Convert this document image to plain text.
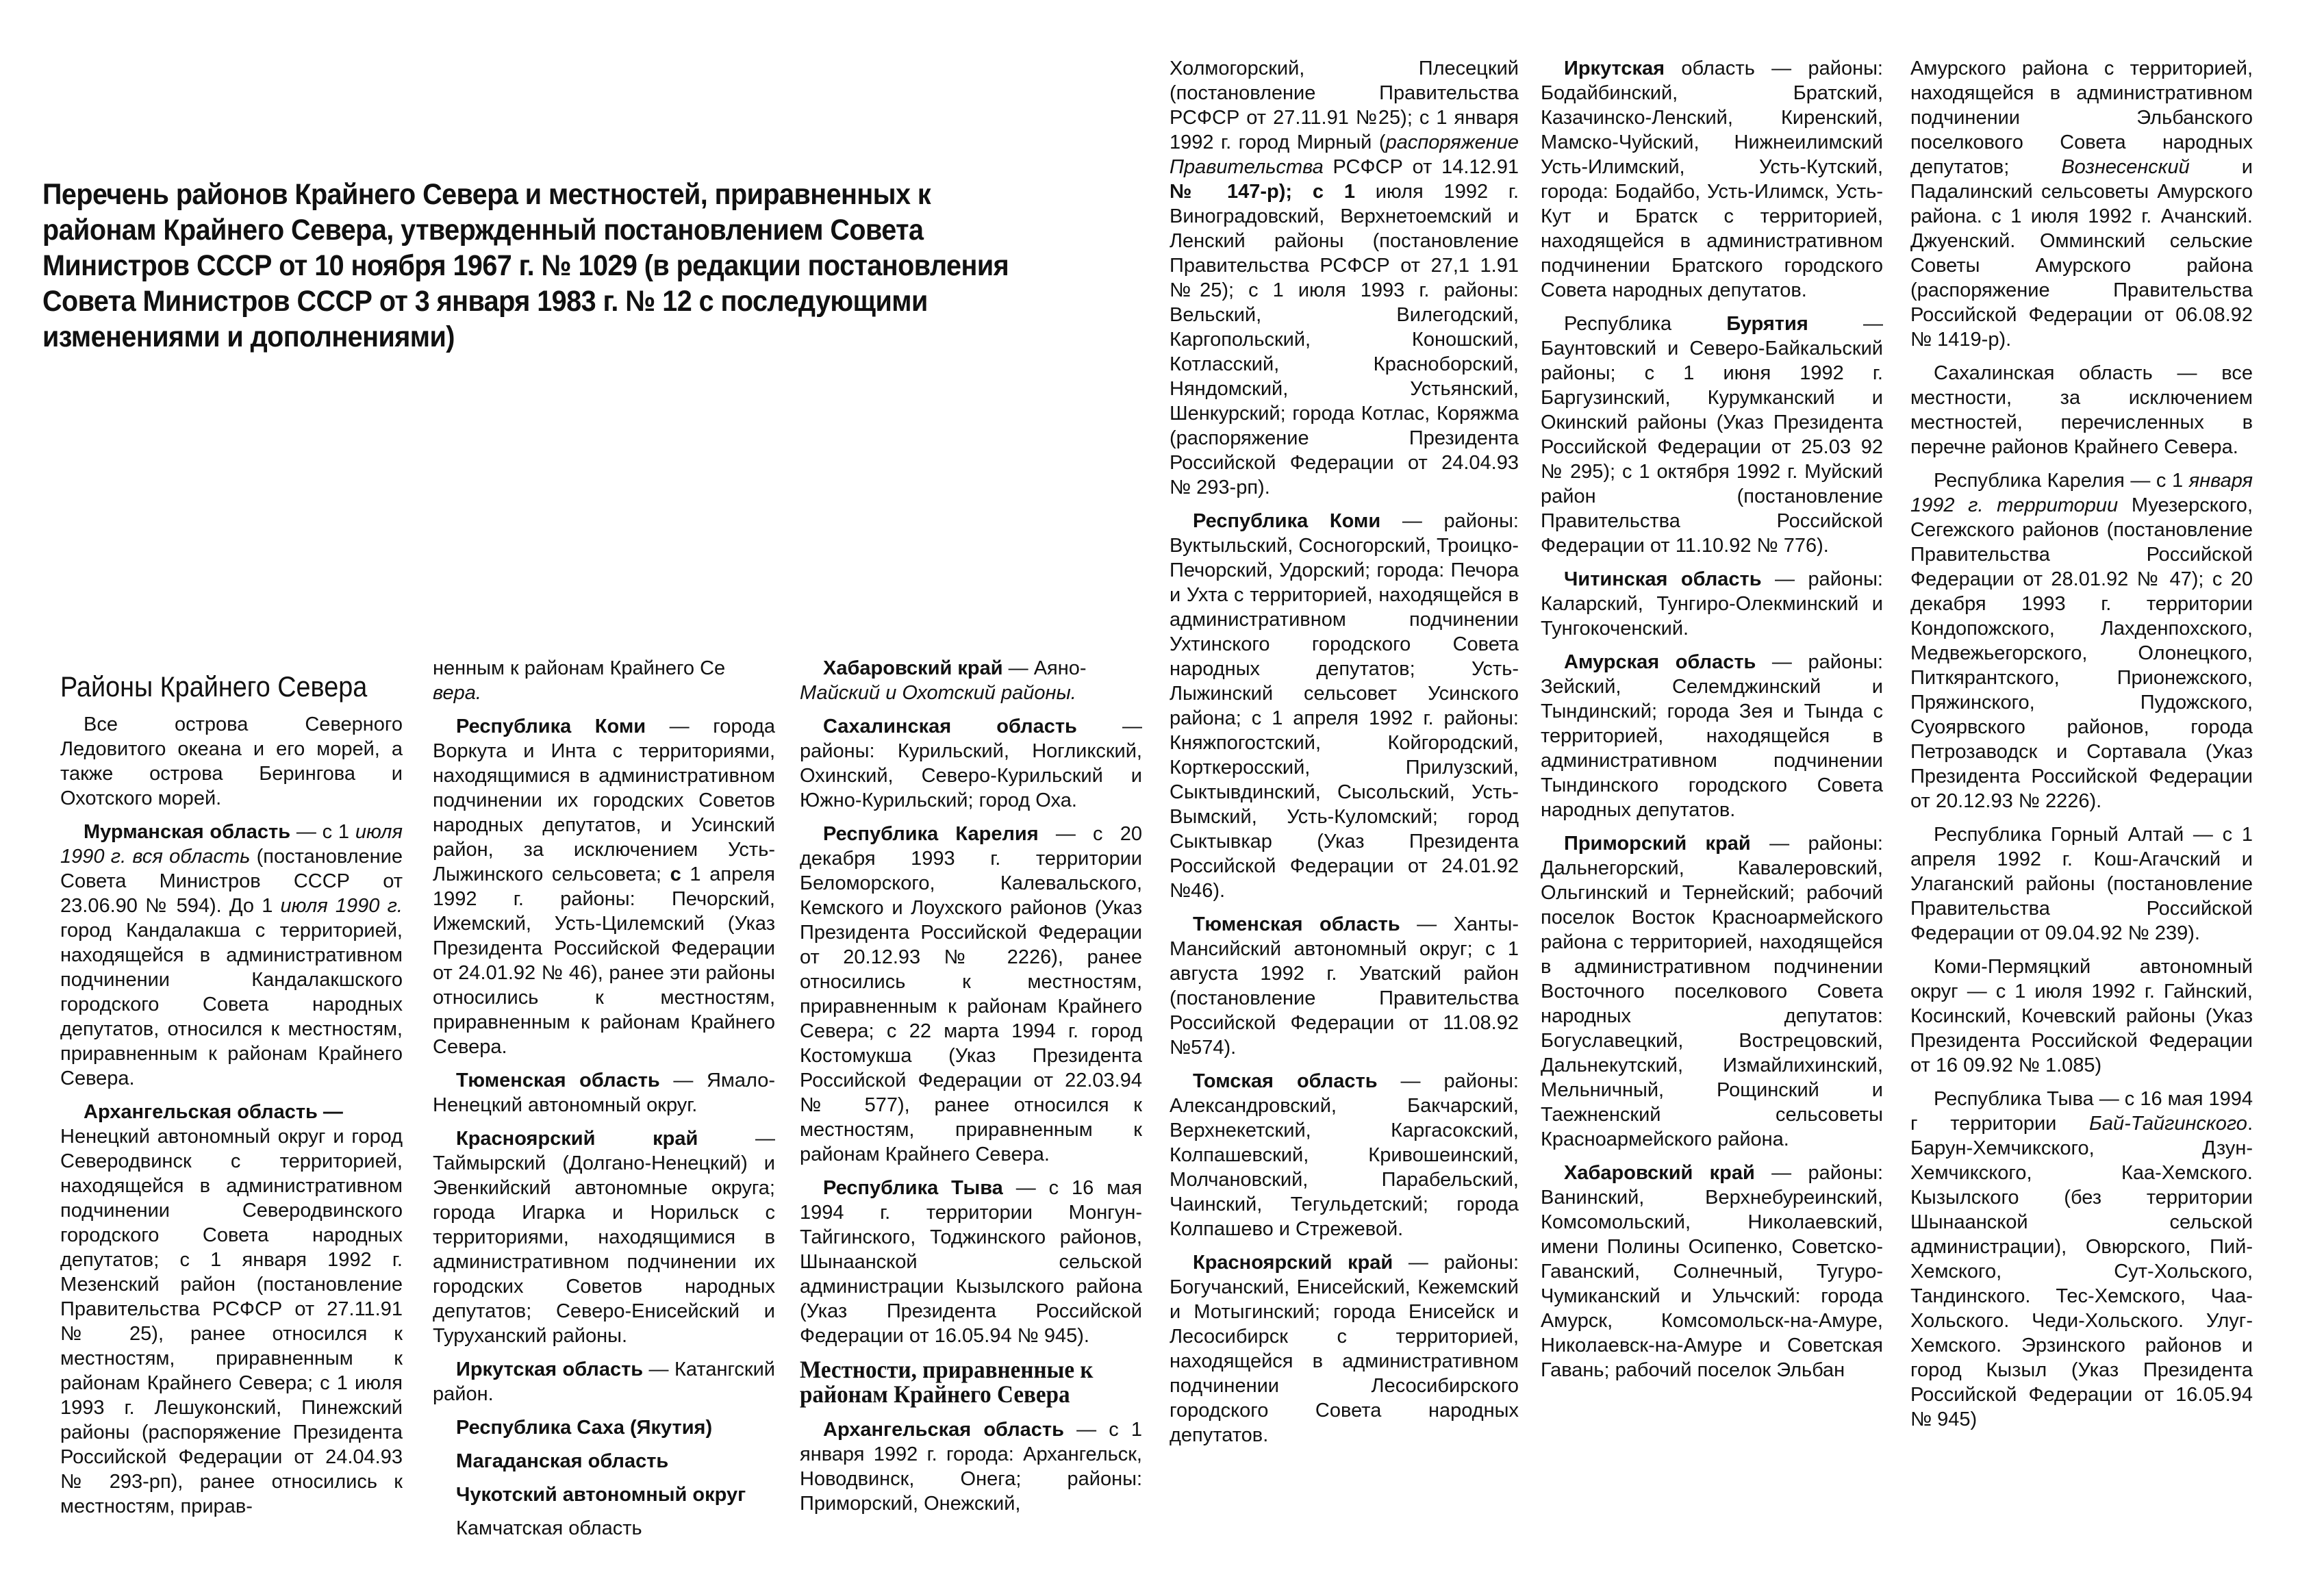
Перечень районов Крайнего Севера и местностей, приравненных к районам Крайнего Севера, утвержденный постановлением Совета Министров СССР от 10 ноября 1967 г. № 1029 (в редакции постановления Совета Министров СССР от 3 января 1983 г. № 12 с последующими изменениями и дополнениями)
Районы Крайнего Севера

Все острова Северного Ледовитого океана и его морей, а также острова Берингова и Охотского морей.

Мурманская область — с 1 июля 1990 г. вся область (постановление Совета Министров СССР от 23.06.90 № 594). До 1 июля 1990 г. город Кандалакша с территорией, находящейся в административном подчинении Кандалакшского городского Совета народных депутатов, относился к местностям, приравненным к районам Крайнего Севера.

Архангельская область —

Ненецкий автономный округ и город Северодвинск с территорией, находящейся в административном подчинении Северодвинского городского Совета народных депутатов; с 1 января 1992 г. Мезенский район (постановление Правительства РСФСР от 27.11.91 № 25), ранее относился к местностям, приравненным к районам Крайнего Севера; с 1 июля 1993 г. Лешуконский, Пинежский районы (распоряжение Президента Российской Федерации от 24.04.93 № 293-рп), ранее относились к местностям, прирав-

ненным к районам Крайнего Се
вера.

Республика Коми — города Воркута и Инта с территориями, находящимися в административном подчинении их городских Советов народных депутатов, и Усинский район, за исключением Усть-Лыжинского сельсовета; с 1 апреля 1992 г. районы: Печорский, Ижемский, Усть-Цилемский (Указ Президента Российской Федерации от 24.01.92 № 46), ранее эти районы относились к местностям, приравненным к районам Крайнего Севера.

Тюменская область — Ямало-Ненецкий автономный округ.

Красноярский край — Таймырский (Долгано-Ненецкий) и Эвенкийский автономные округа; города Игарка и Норильск с территориями, находящимися в административном подчинении их городских Советов народных депутатов; Северо-Енисейский и Туруханский районы.

Иркутская область — Катангский район.

Республика Саха (Якутия)

Магаданская область

Чукотский автономный округ

Камчатская область

Хабаровский край — Аяно-
Майский и Охотский районы.

Сахалинская область — районы: Курильский, Ногликский, Охинский, Северо-Курильский и Южно-Курильский; город Оха.

Республика Карелия — с 20 декабря 1993 г. территории Беломорского, Калевальского, Кемского и Лоухского районов (Указ Президента Российской Федерации от 20.12.93 № 2226), ранее относились к местностям, приравненным к районам Крайнего Севера; с 22 марта 1994 г. город Костомукша (Указ Президента Российской Федерации от 22.03.94 № 577), ранее относился к местностям, приравненным к районам Крайнего Севера.

Республика Тыва — с 16 мая 1994 г. территории Монгун-Тайгинского, Тоджинского районов, Шынаанской сельской администрации Кызылского района (Указ Президента Российской Федерации от 16.05.94 № 945).

Местности, приравненные к районам Крайнего Севера

Архангельская область — с 1 января 1992 г. города: Архангельск, Новодвинск, Онега; районы: Приморский, Онежский,

Холмогорский, Плесецкий (постановление Правительства РСФСР от 27.11.91 №25); с 1 января 1992 г. город Мирный (распоряжение Правительства РСФСР от 14.12.91 № 147-р); с 1 июля 1992 г. Виноградовский, Верхнетоемский и Ленский районы (постановление Правительства РСФСР от 27,1 1.91 №25); с 1 июля 1993 г. районы: Вельский, Вилегодский, Каргопольский, Коношский, Котласский, Красноборский, Няндомский, Устьянский, Шенкурский; города Котлас, Коряжма (распоряжение Президента Российской Федерации от 24.04.93 № 293-рп).

Республика Коми — районы: Вуктыльский, Сосногорский, Троицко-Печорский, Удорский; города: Печора и Ухта с территорией, находящейся в административном подчинении Ухтинского городского Совета народных депутатов; Усть-Лыжинский сельсовет Усинского района; с 1 апреля 1992 г. районы: Княжпогостский, Койгородский, Корткеросский, Прилузский, Сыктывдинский, Сысольский, Усть-Вымский, Усть-Куломский; город Сыктывкар (Указ Президента Российской Федерации от 24.01.92 №46).

Тюменская область — Ханты-Мансийский автономный округ; с 1 августа 1992 г. Уватский район (постановление Правительства Российской Федерации от 11.08.92 №574).

Томская область — районы: Александровский, Бакчарский, Верхнекетский, Каргасокский, Колпашевский, Кривошеинский, Молчановский, Парабельский, Чаинский, Тегульдетский; города Колпашево и Стрежевой.

Красноярский край — районы: Богучанский, Енисейский, Кежемский и Мотыгинский; города Енисейск и Лесосибирск с территорией, находящейся в административном подчинении Лесосибирского городского Совета народных депутатов.

Иркутская область — районы: Бодайбинский, Братский, Казачинско-Ленский, Киренский, Мамско-Чуйский, Нижнеилимский Усть-Илимский, Усть-Кутский, города: Бодайбо, Усть-Илимск, Усть-Кут и Братск с территорией, находящейся в административном подчинении Братского городского Совета народных депутатов.

Республика Бурятия — Баунтовский и Северо-Байкальский районы; с 1 июня 1992 г. Баргузинский, Курумканский и Окинский районы (Указ Президента Российской Федерации от 25.03 92 № 295); с 1 октября 1992 г. Муйский район (постановление Правительства Российской Федерации от 11.10.92 № 776).

Читинская область — районы: Каларский, Тунгиро-Олекминский и Тунгокоченский.

Амурская область — районы: Зейский, Селемджинский и Тындинский; города Зея и Тында с территорией, находящейся в административном подчинении Тындинского городского Совета народных депутатов.

Приморский край — районы: Дальнегорский, Кавалеровский, Ольгинский и Тернейский; рабочий поселок Восток Красноармейского района с территорией, находящейся в административном подчинении Восточного поселкового Совета народных депутатов: Богуславецкий, Вострецовский, Дальнекутский, Измайлихинский, Мельничный, Рощинский и Таежненский сельсоветы Красноармейского района.

Хабаровский край — районы: Ванинский, Верхнебуреинский, Комсомольский, Николаевский, имени Полины Осипенко, Советско-Гаванский, Солнечный, Тугуро-Чумиканский и Ульчский: города Амурск, Комсомольск-на-Амуре, Николаевск-на-Амуре и Советская Гавань; рабочий поселок Эльбан

Амурского района с территорией, находящейся в административном подчинении Эльбанского поселкового Совета народных депутатов; Вознесенский и Падалинский сельсоветы Амурского района. с 1 июля 1992 г. Ачанский. Джуенский. Омминский сельские Советы Амурского района (распоряжение Правительства Российской Федерации от 06.08.92 № 1419-р).

Сахалинская область — все местности, за исключением местностей, перечисленных в перечне районов Крайнего Севера.

Республика Карелия — с 1 января 1992 г. территории Муезерского, Сегежского районов (постановление Правительства Российской Федерации от 28.01.92 № 47); с 20 декабря 1993 г. территории Кондопожского, Лахденпохского, Медвежьегорского, Олонецкого, Питкярантского, Прионежского, Пряжинского, Пудожского, Суоярвского районов, города Петрозаводск и Сортавала (Указ Президента Российской Федерации от 20.12.93 № 2226).

Республика Горный Алтай — с 1 апреля 1992 г. Кош-Агачский и Улаганский районы (постановление Правительства Российской Федерации от 09.04.92 № 239).

Коми-Пермяцкий автономный округ — с 1 июля 1992 г. Гайнский, Косинский, Кочевский районы (Указ Президента Российской Федерации от 16 09.92 № 1.085)

Республика Тыва — с 16 мая 1994 г территории Бай-Тайгинского. Барун-Хемчикского, Дзун-Хемчикского, Каа-Хемского. Кызылского (без территории Шынаанской сельской администрации), Овюрского, Пий-Хемского, Сут-Хольского, Тандинского. Тес-Хемского, Чаа-Хольского. Чеди-Хольского. Улуг-Хемского. Эрзинского районов и город Кызыл (Указ Президента Российской Федерации от 16.05.94 № 945)
